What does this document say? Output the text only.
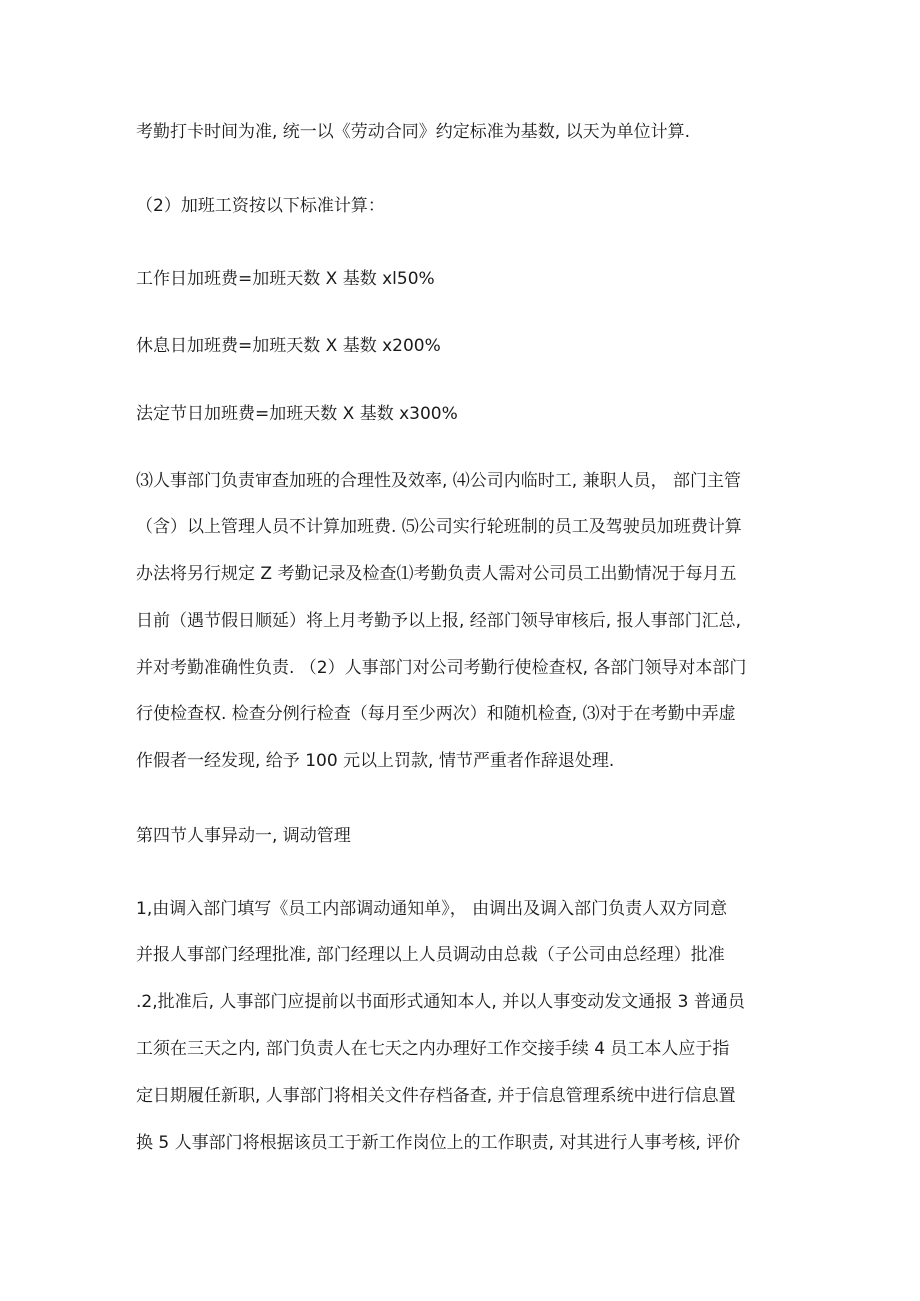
考勤打卡时间为准, 统一以《劳动合同》约定标准为基数, 以天为单位计算.
（2）加班工资按以下标准计算：
工作日加班费=加班天数 X 基数 xl50%
休息日加班费=加班天数 X 基数 x200%
法定节日加班费=加班天数 X 基数 x300%
⑶人事部门负责审查加班的合理性及效率, ⑷公司内临时工, 兼职人员， 部门主管
（含）以上管理人员不计算加班费. ⑸公司实行轮班制的员工及驾驶员加班费计算
办法将另行规定 Z 考勤记录及检查⑴考勤负责人需对公司员工出勤情况于每月五
日前（遇节假日顺延）将上月考勤予以上报, 经部门领导审核后, 报人事部门汇总,
并对考勤准确性负责. （2）人事部门对公司考勤行使检查权, 各部门领导对本部门
行使检查权. 检查分例行检查（每月至少两次）和随机检查, ⑶对于在考勤中弄虚
作假者一经发现, 给予 100 元以上罚款, 情节严重者作辞退处理.
第四节人事异动一, 调动管理
1,由调入部门填写《员工内部调动通知单》， 由调出及调入部门负责人双方同意
并报人事部门经理批准, 部门经理以上人员调动由总裁（子公司由总经理）批准
.2,批准后, 人事部门应提前以书面形式通知本人, 并以人事变动发文通报 3 普通员
工须在三天之内, 部门负责人在七天之内办理好工作交接手续 4 员工本人应于指
定日期履任新职, 人事部门将相关文件存档备查, 并于信息管理系统中进行信息置
换 5 人事部门将根据该员工于新工作岗位上的工作职责, 对其进行人事考核, 评价
